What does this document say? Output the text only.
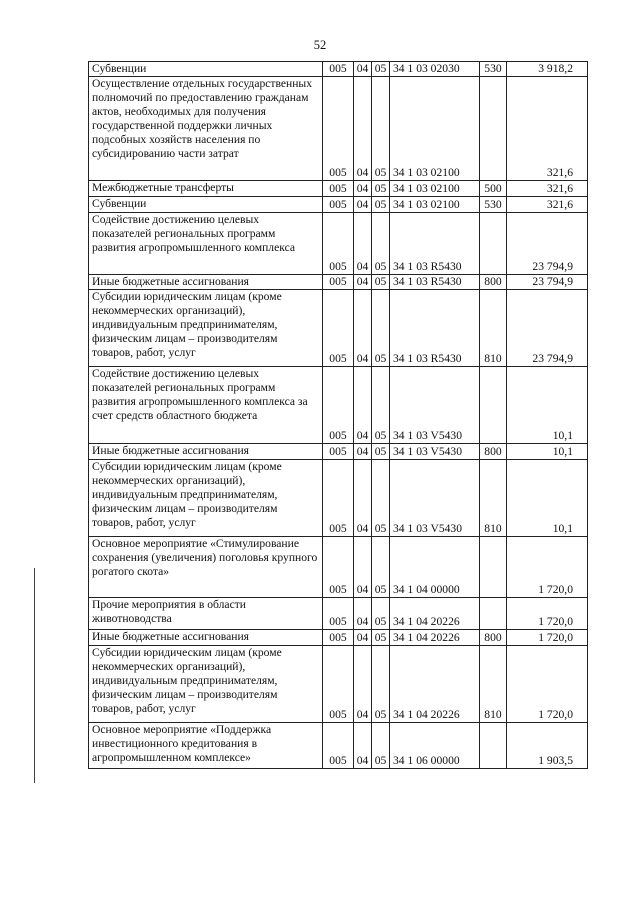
52
Субвенции	005	04	05	34 1 03 02030	530	3 918,2
Осуществление отдельных государственных полномочий по предоставлению гражданам актов, необходимых для получения государственной поддержки личных подсобных хозяйств населения по субсидированию части затрат	005	04	05	34 1 03 02100		321,6
Межбюджетные трансферты	005	04	05	34 1 03 02100	500	321,6
Субвенции	005	04	05	34 1 03 02100	530	321,6
Содействие достижению целевых показателей региональных программ развития агропромышленного комплекса	005	04	05	34 1 03 R5430		23 794,9
Иные бюджетные ассигнования	005	04	05	34 1 03 R5430	800	23 794,9
Субсидии юридическим лицам (кроме некоммерческих организаций), индивидуальным предпринимателям, физическим лицам – производителям товаров, работ, услуг	005	04	05	34 1 03 R5430	810	23 794,9
Содействие достижению целевых показателей региональных программ развития агропромышленного комплекса за счет средств областного бюджета	005	04	05	34 1 03 V5430		10,1
Иные бюджетные ассигнования	005	04	05	34 1 03 V5430	800	10,1
Субсидии юридическим лицам (кроме некоммерческих организаций), индивидуальным предпринимателям, физическим лицам – производителям товаров, работ, услуг	005	04	05	34 1 03 V5430	810	10,1
Основное мероприятие «Стимулирование сохранения (увеличения) поголовья крупного рогатого скота»	005	04	05	34 1 04 00000		1 720,0
Прочие мероприятия в области животноводства	005	04	05	34 1 04 20226		1 720,0
Иные бюджетные ассигнования	005	04	05	34 1 04 20226	800	1 720,0
Субсидии юридическим лицам (кроме некоммерческих организаций), индивидуальным предпринимателям, физическим лицам – производителям товаров, работ, услуг	005	04	05	34 1 04 20226	810	1 720,0
Основное мероприятие «Поддержка инвестиционного кредитования в агропромышленном комплексе»	005	04	05	34 1 06 00000		1 903,5
